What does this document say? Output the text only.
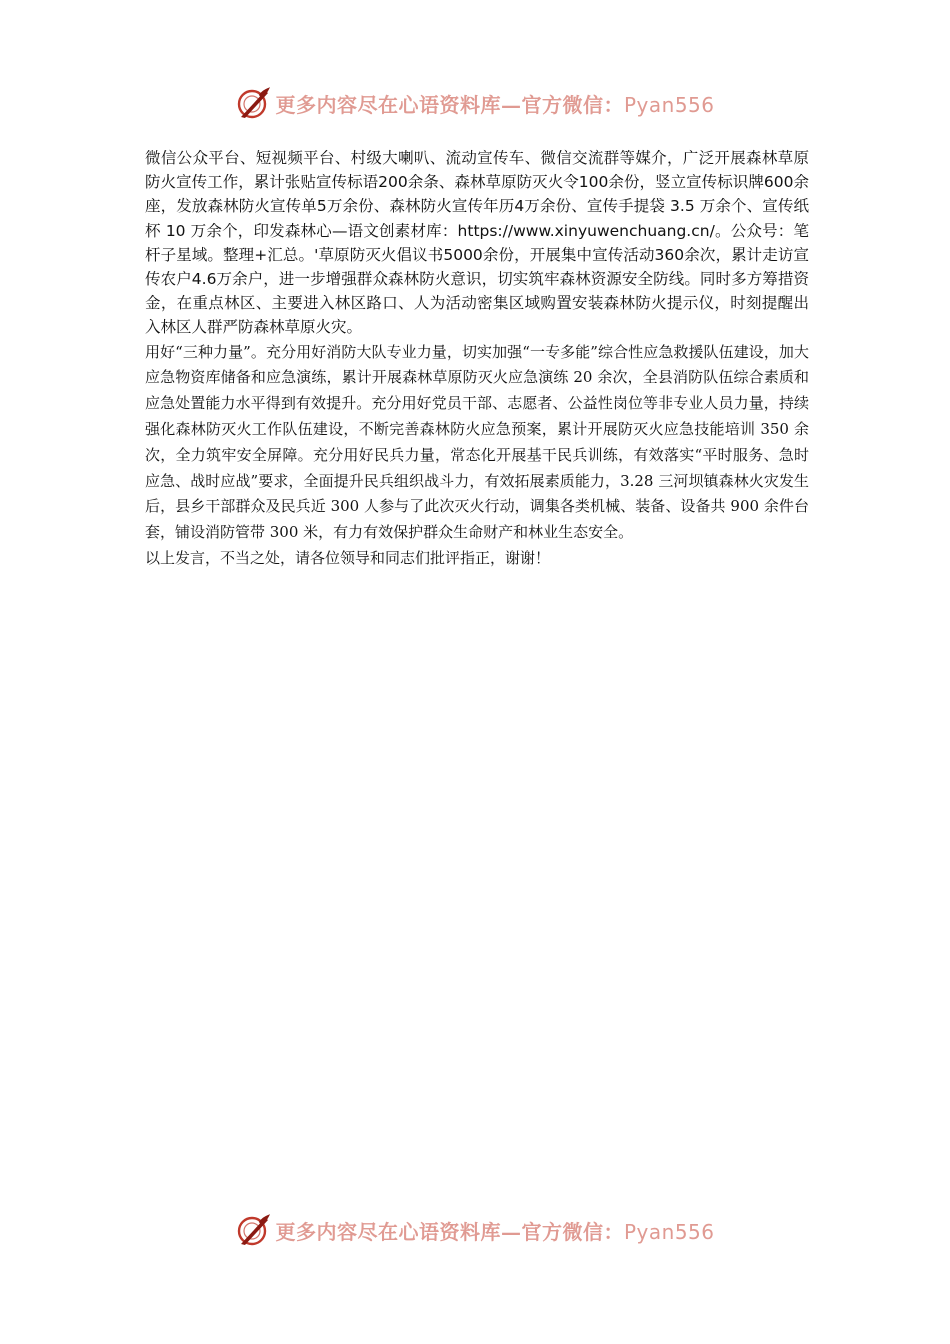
更多内容尽在心语资料库—官方微信：Pyan556

微信公众平台、短视频平台、村级大喇叭、流动宣传车、微信交流群等媒介，广泛开展森林草原防火宣传工作，累计张贴宣传标语200余条、森林草原防灭火令100余份，竖立宣传标识牌600余座，发放森林防火宣传单5万余份、森林防火宣传年历4万余份、宣传手提袋 3.5 万余个、宣传纸杯 10 万余个，印发森林心—语文创素材库：https://www.xinyuwenchuang.cn/。公众号：笔杆子星域。整理+汇总。'草原防灭火倡议书5000余份，开展集中宣传活动360余次，累计走访宣传农户4.6万余户，进一步增强群众森林防火意识，切实筑牢森林资源安全防线。同时多方筹措资金，在重点林区、主要进入林区路口、人为活动密集区域购置安装森林防火提示仪，时刻提醒出入林区人群严防森林草原火灾。

用好“三种力量”。充分用好消防大队专业力量，切实加强“一专多能”综合性应急救援队伍建设，加大应急物资库储备和应急演练，累计开展森林草原防灭火应急演练 20 余次，全县消防队伍综合素质和应急处置能力水平得到有效提升。充分用好党员干部、志愿者、公益性岗位等非专业人员力量，持续强化森林防灭火工作队伍建设，不断完善森林防火应急预案，累计开展防灭火应急技能培训 350 余次，全力筑牢安全屏障。充分用好民兵力量，常态化开展基干民兵训练，有效落实“平时服务、急时应急、战时应战”要求，全面提升民兵组织战斗力，有效拓展素质能力，3.28 三河坝镇森林火灾发生后，县乡干部群众及民兵近 300 人参与了此次灭火行动，调集各类机械、装备、设备共 900 余件台套，铺设消防管带 300 米，有力有效保护群众生命财产和林业生态安全。

以上发言，不当之处，请各位领导和同志们批评指正，谢谢！

更多内容尽在心语资料库—官方微信：Pyan556
